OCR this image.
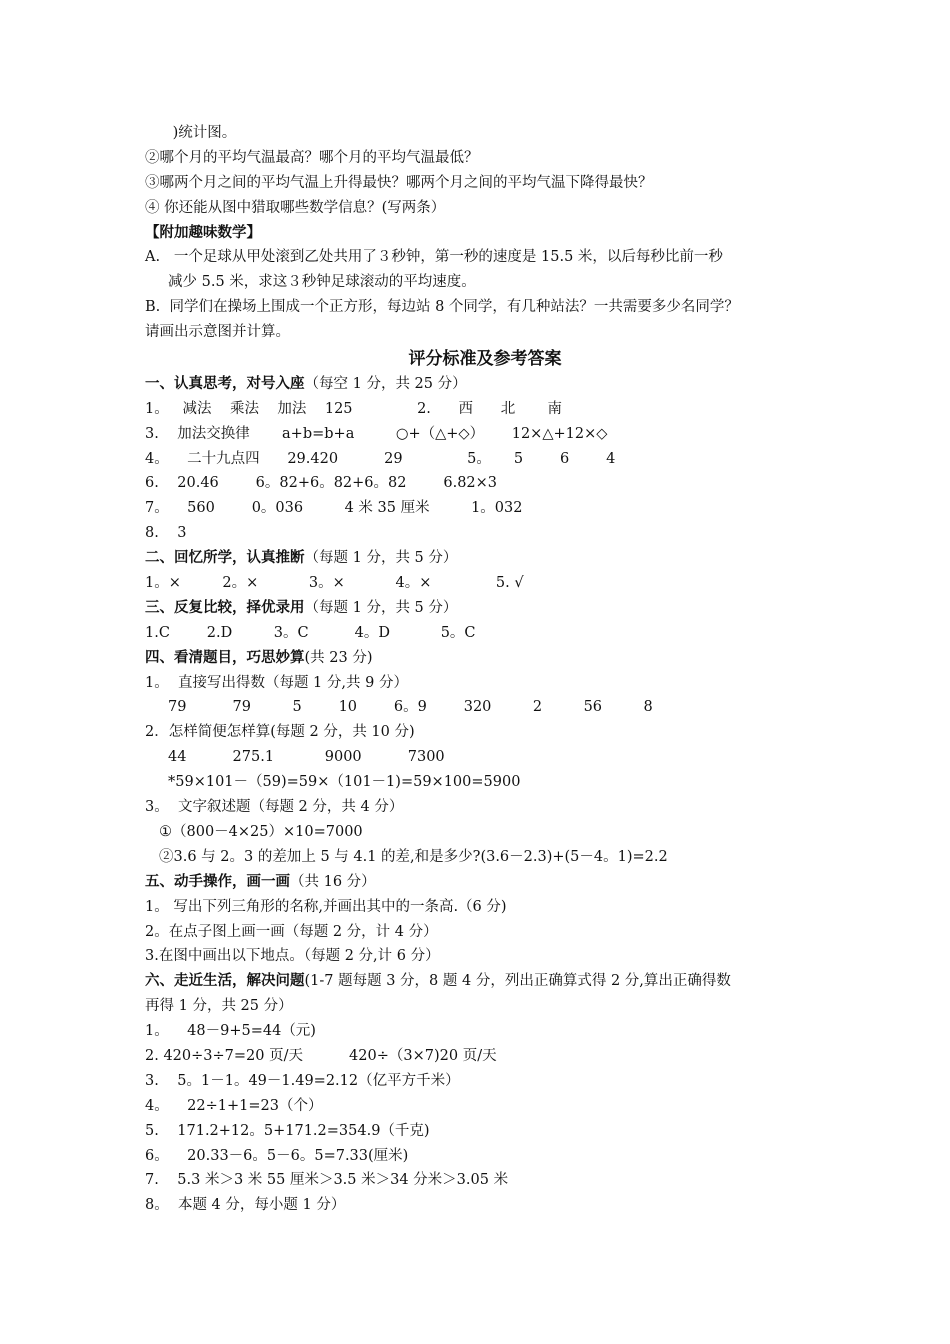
)统计图。
②哪个月的平均气温最高？哪个月的平均气温最低？
③哪两个月之间的平均气温上升得最快？哪两个月之间的平均气温下降得最快？
④ 你还能从图中猎取哪些数学信息？(写两条）
【附加趣味数学】
A.   一个足球从甲处滚到乙处共用了３秒钟，第一秒的速度是 15.5 米，以后每秒比前一秒
减少 5.5 米，求这３秒钟足球滚动的平均速度。
B.  同学们在操场上围成一个正方形，每边站 8 个同学，有几种站法？一共需要多少名同学？
请画出示意图并计算。
评分标准及参考答案
一、认真思考，对号入座（每空 1 分，共 25 分）
1。   减法    乘法    加法    125              2.      西      北       南
3.    加法交换律       a+b=b+a         ○+（△+◇）      12×△+12×◇
4。    二十九点四      29.420          29              5。     5        6        4
6.    20.46        6。82+6。82+6。82        6.82×3
7。    560        0。036         4 米 35 厘米         1。032
8.    3
二、回忆所学，认真推断（每题 1 分，共 5 分）
1。×         2。×           3。×           4。×              5. √
三、反复比较，择优录用（每题 1 分，共 5 分）
1.C        2.D         3。C          4。D           5。C
四、看清题目，巧思妙算(共 23 分)
1。  直接写出得数（每题 1 分,共 9 分）
79          79         5        10        6。9        320         2         56         8
2．怎样简便怎样算(每题 2 分，共 10 分)
44          275.1           9000          7300
*59×101－（59)=59×（101－1)=59×100=5900
3。  文字叙述题（每题 2 分，共 4 分）
①（800－4×25）×10=7000
②3.6 与 2。3 的差加上 5 与 4.1 的差,和是多少?(3.6－2.3)+(5－4。1)=2.2
五、动手操作，画一画（共 16 分）
1。 写出下列三角形的名称,并画出其中的一条高.（6 分)
2。在点子图上画一画（每题 2 分，计 4 分）
3.在图中画出以下地点。（每题 2 分,计 6 分）
六、走近生活，解决问题(1-7 题每题 3 分，8 题 4 分，列出正确算式得 2 分,算出正确得数
再得 1 分，共 25 分）
1。    48－9+5=44（元)
2. 420÷3÷7=20 页/天          420÷（3×7)20 页/天
3.    5。1－1。49－1.49=2.12（亿平方千米）
4。    22÷1+1=23（个）
5.    171.2+12。5+171.2=354.9（千克)
6。    20.33－6。5－6。5=7.33(厘米)
7.    5.3 米＞3 米 55 厘米＞3.5 米＞34 分米＞3.05 米
8。  本题 4 分，每小题 1 分）
